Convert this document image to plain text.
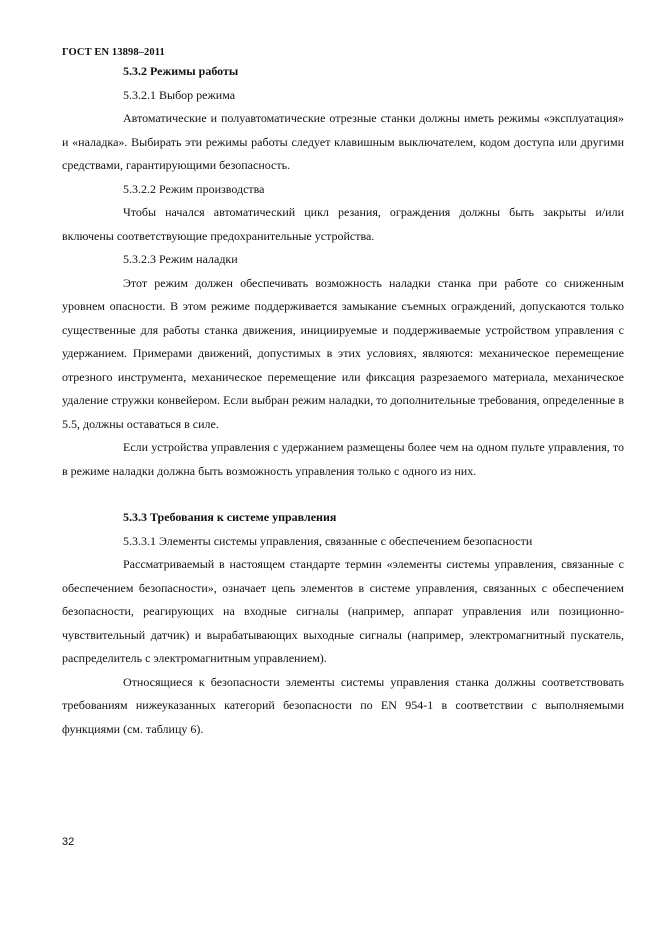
ГОСТ EN 13898–2011

5.3.2 Режимы работы

5.3.2.1 Выбор режима

Автоматические и полуавтоматические отрезные станки должны иметь режимы «эксплуатация» и «наладка». Выбирать эти режимы работы следует клавишным выключателем, кодом доступа или другими средствами, гарантирующими безопасность.

5.3.2.2 Режим производства

Чтобы начался автоматический цикл резания, ограждения должны быть закрыты и/или включены соответствующие предохранительные устройства.

5.3.2.3 Режим наладки

Этот режим должен обеспечивать возможность наладки станка при работе со сниженным уровнем опасности. В этом режиме поддерживается замыкание съемных ограждений, допускаются только существенные для работы станка движения, инициируемые и поддерживаемые устройством управления с удержанием. Примерами движений, допустимых в этих условиях, являются: механическое перемещение отрезного инструмента, механическое перемещение или фиксация разрезаемого материала, механическое удаление стружки конвейером. Если выбран режим наладки, то дополнительные требования, определенные в 5.5, должны оставаться в силе.

Если устройства управления с удержанием размещены более чем на одном пульте управления, то в режиме наладки должна быть возможность управления только с одного из них.

5.3.3 Требования к системе управления

5.3.3.1 Элементы системы управления, связанные с обеспечением безопасности

Рассматриваемый в настоящем стандарте термин «элементы системы управления, связанные с обеспечением безопасности», означает цепь элементов в системе управления, связанных с обеспечением безопасности, реагирующих на входные сигналы (например, аппарат управления или позиционно-чувствительный датчик) и вырабатывающих выходные сигналы (например, электромагнитный пускатель, распределитель с электромагнитным управлением).

Относящиеся к безопасности элементы системы управления станка должны соответствовать требованиям нижеуказанных категорий безопасности по EN 954-1 в соответствии с выполняемыми функциями (см. таблицу 6).

32
